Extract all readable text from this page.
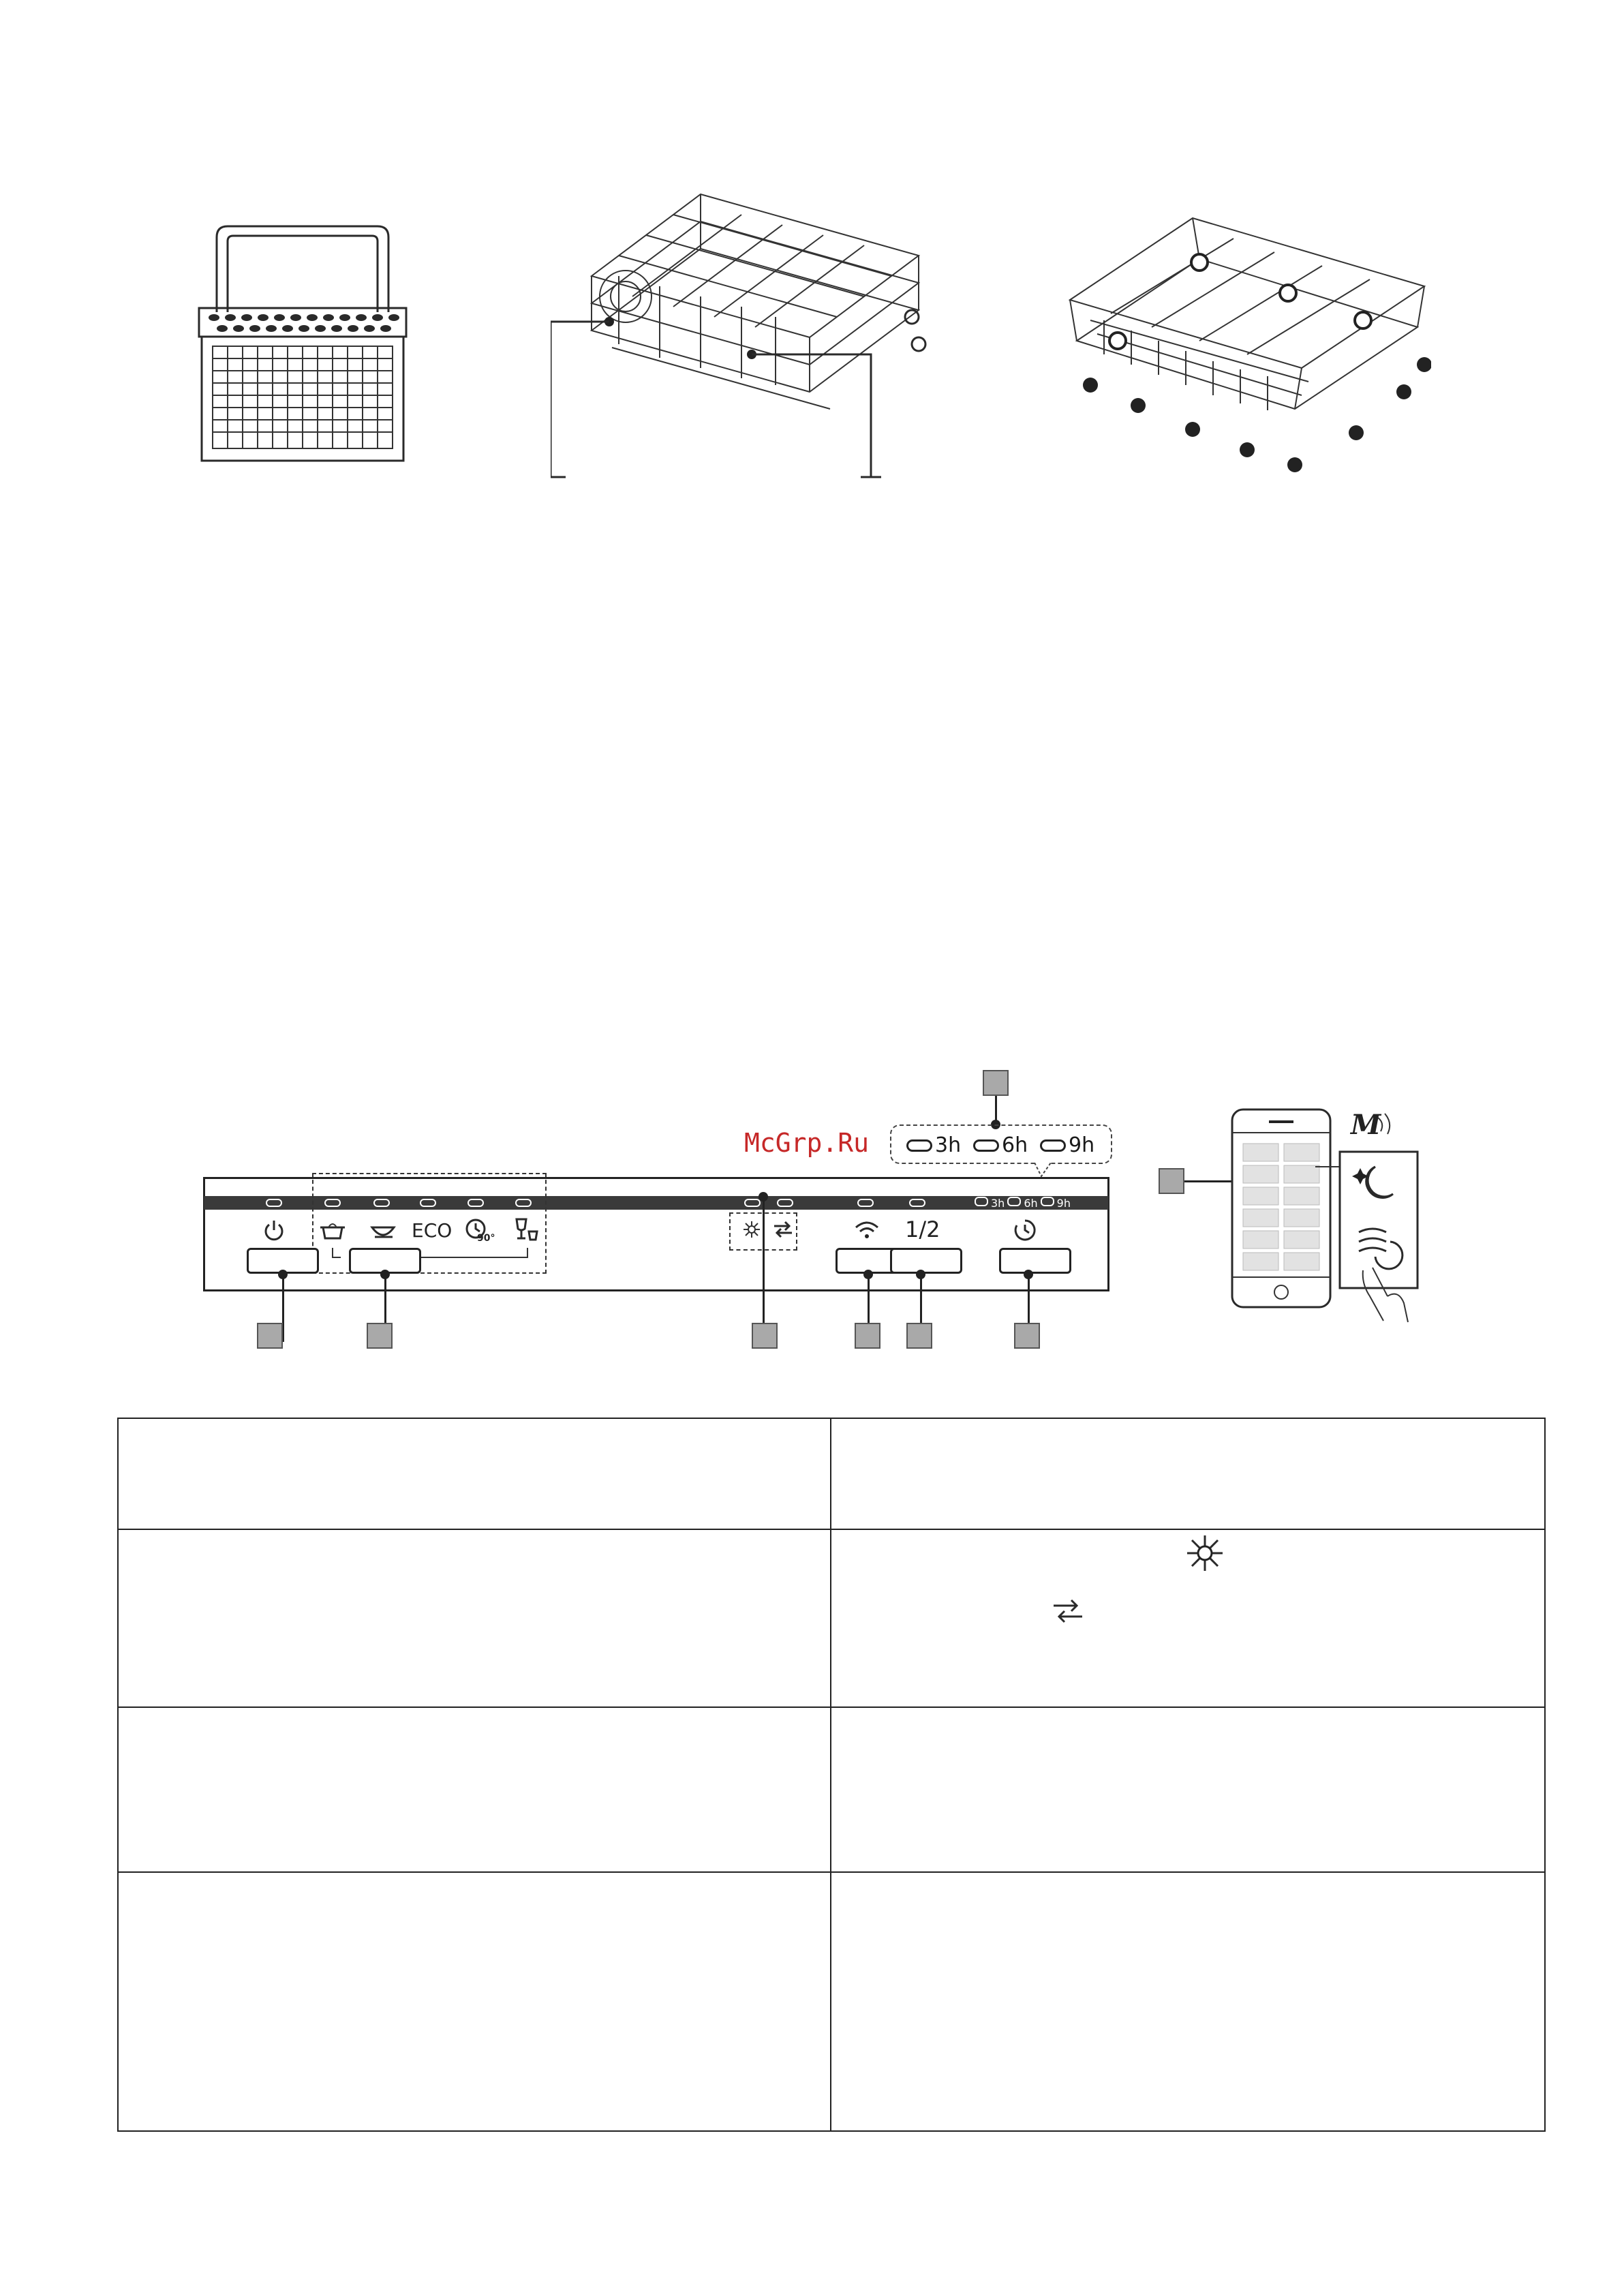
McGrp.Ru	3h 6h 9h
3h 6h 9h
ECO	90°	1/2
M
